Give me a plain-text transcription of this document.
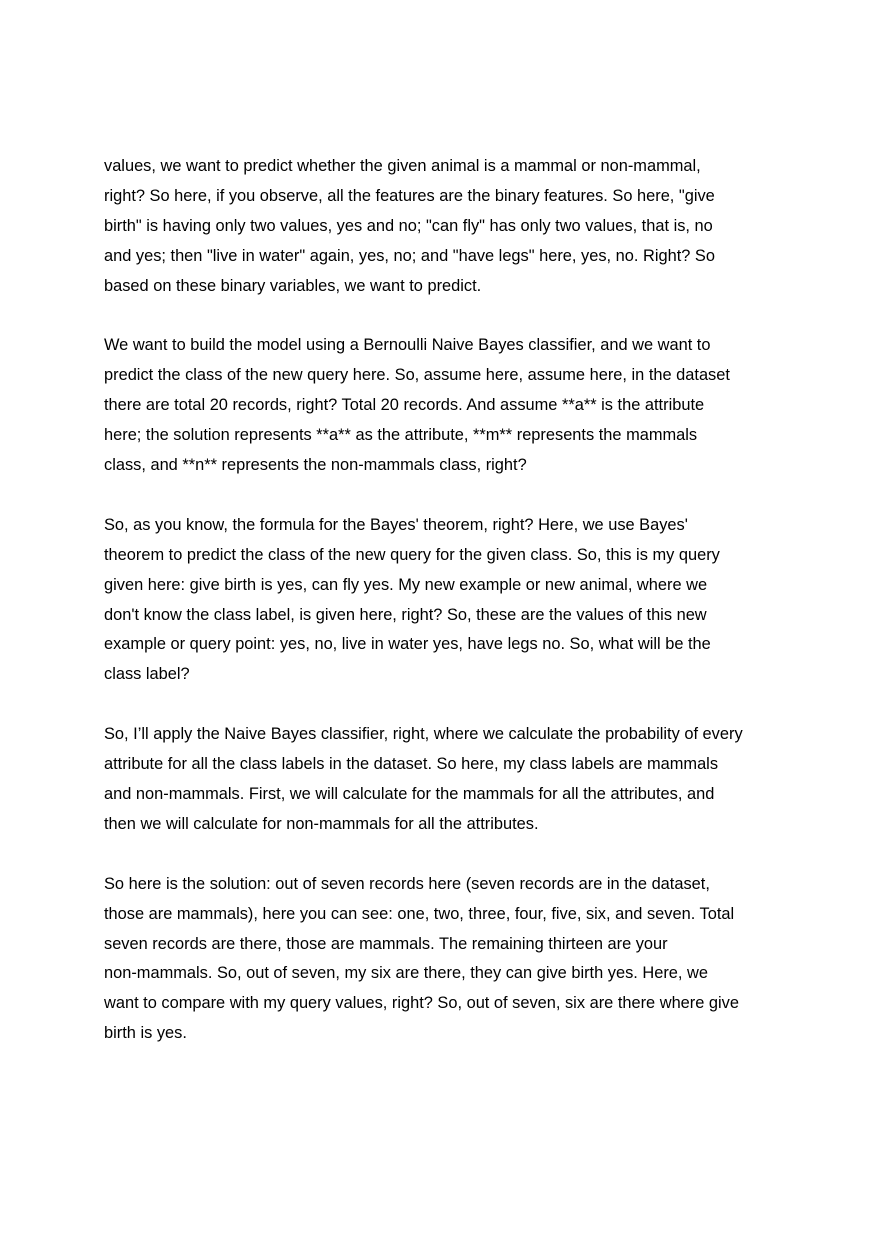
values, we want to predict whether the given animal is a mammal or non-mammal,
right? So here, if you observe, all the features are the binary features. So here, "give
birth" is having only two values, yes and no; "can fly" has only two values, that is, no
and yes; then "live in water" again, yes, no; and "have legs" here, yes, no. Right? So
based on these binary variables, we want to predict.

We want to build the model using a Bernoulli Naive Bayes classifier, and we want to
predict the class of the new query here. So, assume here, assume here, in the dataset
there are total 20 records, right? Total 20 records. And assume **a** is the attribute
here; the solution represents **a** as the attribute, **m** represents the mammals
class, and **n** represents the non-mammals class, right?

So, as you know, the formula for the Bayes' theorem, right? Here, we use Bayes'
theorem to predict the class of the new query for the given class. So, this is my query
given here: give birth is yes, can fly yes. My new example or new animal, where we
don't know the class label, is given here, right? So, these are the values of this new
example or query point: yes, no, live in water yes, have legs no. So, what will be the
class label?

So, I’ll apply the Naive Bayes classifier, right, where we calculate the probability of every
attribute for all the class labels in the dataset. So here, my class labels are mammals
and non-mammals. First, we will calculate for the mammals for all the attributes, and
then we will calculate for non-mammals for all the attributes.

So here is the solution: out of seven records here (seven records are in the dataset,
those are mammals), here you can see: one, two, three, four, five, six, and seven. Total
seven records are there, those are mammals. The remaining thirteen are your
non-mammals. So, out of seven, my six are there, they can give birth yes. Here, we
want to compare with my query values, right? So, out of seven, six are there where give
birth is yes.
